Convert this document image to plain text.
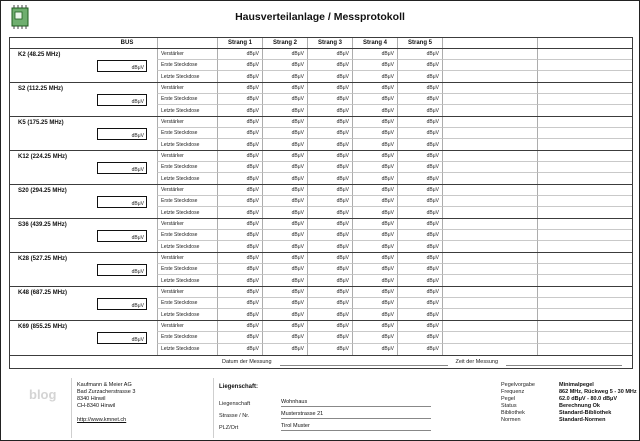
Hausverteilanlage / Messprotokoll
BUS	Strang 1	Strang 2	Strang 3	Strang 4	Strang 5
K2 (48.25 MHz)
dBμV
Verstärker	dBμV	dBμV	dBμV	dBμV	dBμV
Erste Steckdose	dBμV	dBμV	dBμV	dBμV	dBμV
Letzte Steckdose	dBμV	dBμV	dBμV	dBμV	dBμV
S2 (112.25 MHz)
dBμV
Verstärker	dBμV	dBμV	dBμV	dBμV	dBμV
Erste Steckdose	dBμV	dBμV	dBμV	dBμV	dBμV
Letzte Steckdose	dBμV	dBμV	dBμV	dBμV	dBμV
K5 (175.25 MHz)
dBμV
Verstärker	dBμV	dBμV	dBμV	dBμV	dBμV
Erste Steckdose	dBμV	dBμV	dBμV	dBμV	dBμV
Letzte Steckdose	dBμV	dBμV	dBμV	dBμV	dBμV
K12 (224.25 MHz)
dBμV
Verstärker	dBμV	dBμV	dBμV	dBμV	dBμV
Erste Steckdose	dBμV	dBμV	dBμV	dBμV	dBμV
Letzte Steckdose	dBμV	dBμV	dBμV	dBμV	dBμV
S20 (294.25 MHz)
dBμV
Verstärker	dBμV	dBμV	dBμV	dBμV	dBμV
Erste Steckdose	dBμV	dBμV	dBμV	dBμV	dBμV
Letzte Steckdose	dBμV	dBμV	dBμV	dBμV	dBμV
S36 (439.25 MHz)
dBμV
Verstärker	dBμV	dBμV	dBμV	dBμV	dBμV
Erste Steckdose	dBμV	dBμV	dBμV	dBμV	dBμV
Letzte Steckdose	dBμV	dBμV	dBμV	dBμV	dBμV
K28 (527.25 MHz)
dBμV
Verstärker	dBμV	dBμV	dBμV	dBμV	dBμV
Erste Steckdose	dBμV	dBμV	dBμV	dBμV	dBμV
Letzte Steckdose	dBμV	dBμV	dBμV	dBμV	dBμV
K48 (687.25 MHz)
dBμV
Verstärker	dBμV	dBμV	dBμV	dBμV	dBμV
Erste Steckdose	dBμV	dBμV	dBμV	dBμV	dBμV
Letzte Steckdose	dBμV	dBμV	dBμV	dBμV	dBμV
K69 (855.25 MHz)
dBμV
Verstärker	dBμV	dBμV	dBμV	dBμV	dBμV
Erste Steckdose	dBμV	dBμV	dBμV	dBμV	dBμV
Letzte Steckdose	dBμV	dBμV	dBμV	dBμV	dBμV
Datum der Messung	Zeit der Messung
blog
Kaufmann & Meier AG
Bad Zurzacherstrasse 3
8340 Hinwil
CH-8340 Hinwil
http://www.kmnet.ch
Liegenschaft:
Liegenschaft	Wohnhaus
Strasse / Nr.	Musterstrasse 21
PLZ/Ort	Tirol Muster
Pegelvorgabe	Minimalpegel
Frequenz	862 MHz, Rückweg 5 - 30 MHz
Pegel	62.0 dBμV - 80.0 dBμV
Status	Berechnung Ok
Bibliothek	Standard-Bibliothek
Normen	Standard-Normen
